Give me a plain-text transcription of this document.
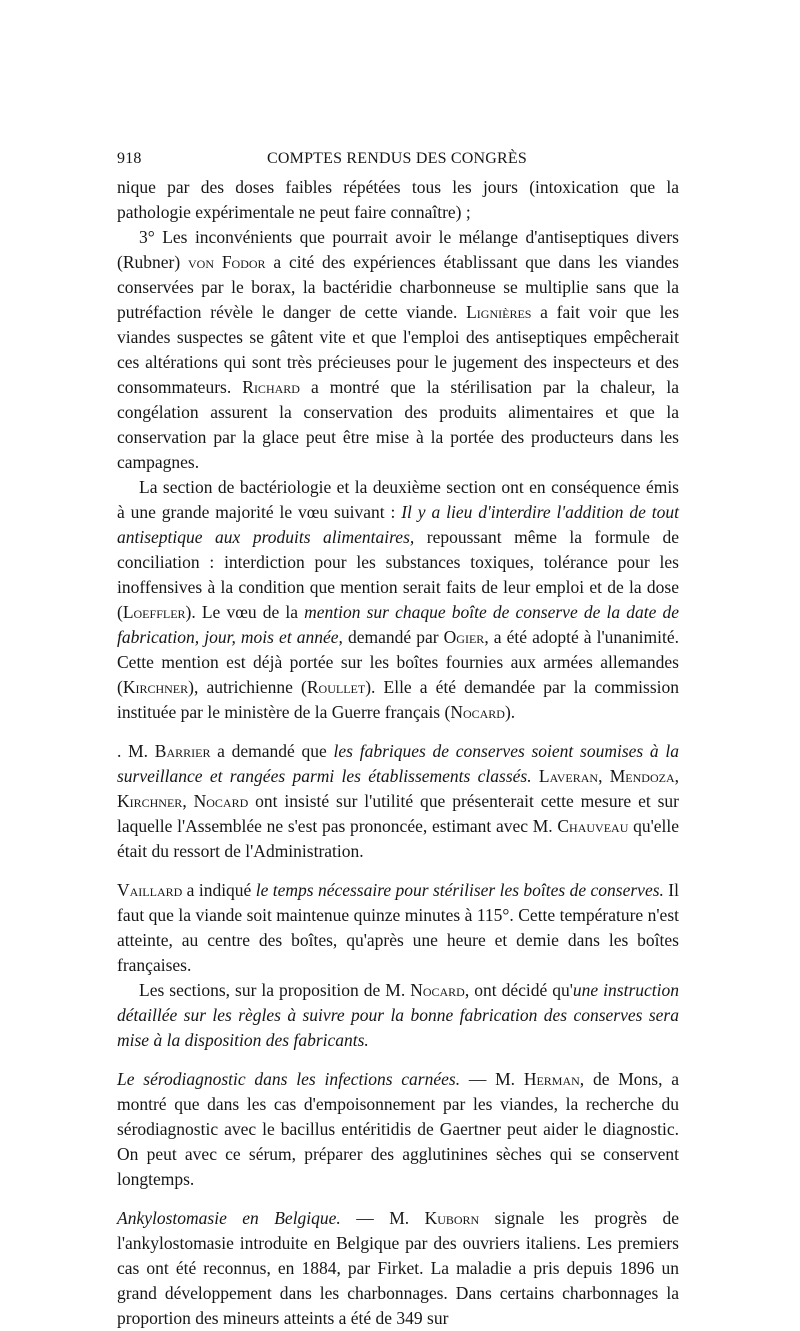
918	COMPTES RENDUS DES CONGRÈS

nique par des doses faibles répétées tous les jours (intoxication que la pathologie expérimentale ne peut faire connaître) ;

3° Les inconvénients que pourrait avoir le mélange d'antiseptiques divers (Rubner) von Fodor a cité des expériences établissant que dans les viandes conservées par le borax, la bactéridie charbonneuse se multiplie sans que la putréfaction révèle le danger de cette viande. Lignières a fait voir que les viandes suspectes se gâtent vite et que l'emploi des antiseptiques empêcherait ces altérations qui sont très précieuses pour le jugement des inspecteurs et des consommateurs. Richard a montré que la stérilisation par la chaleur, la congélation assurent la conservation des produits alimentaires et que la conservation par la glace peut être mise à la portée des producteurs dans les campagnes.

La section de bactériologie et la deuxième section ont en conséquence émis à une grande majorité le vœu suivant : Il y a lieu d'interdire l'addition de tout antiseptique aux produits alimentaires, repoussant même la formule de conciliation : interdiction pour les substances toxiques, tolérance pour les inoffensives à la condition que mention serait faits de leur emploi et de la dose (Loeffler). Le vœu de la mention sur chaque boîte de conserve de la date de fabrication, jour, mois et année, demandé par Ogier, a été adopté à l'unanimité. Cette mention est déjà portée sur les boîtes fournies aux armées allemandes (Kirchner), autrichienne (Roullet). Elle a été demandée par la commission instituée par le ministère de la Guerre français (Nocard).

. M. Barrier a demandé que les fabriques de conserves soient soumises à la surveillance et rangées parmi les établissements classés. Laveran, Mendoza, Kirchner, Nocard ont insisté sur l'utilité que présenterait cette mesure et sur laquelle l'Assemblée ne s'est pas prononcée, estimant avec M. Chauveau qu'elle était du ressort de l'Administration.

Vaillard a indiqué le temps nécessaire pour stériliser les boîtes de conserves. Il faut que la viande soit maintenue quinze minutes à 115°. Cette température n'est atteinte, au centre des boîtes, qu'après une heure et demie dans les boîtes françaises.

Les sections, sur la proposition de M. Nocard, ont décidé qu'une instruction détaillée sur les règles à suivre pour la bonne fabrication des conserves sera mise à la disposition des fabricants.

Le sérodiagnostic dans les infections carnées. — M. Herman, de Mons, a montré que dans les cas d'empoisonnement par les viandes, la recherche du sérodiagnostic avec le bacillus entéritidis de Gaertner peut aider le diagnostic. On peut avec ce sérum, préparer des agglutinines sèches qui se conservent longtemps.

Ankylostomasie en Belgique. — M. Kuborn signale les progrès de l'ankylostomasie introduite en Belgique par des ouvriers italiens. Les premiers cas ont été reconnus, en 1884, par Firket. La maladie a pris depuis 1896 un grand développement dans les charbonnages. Dans certains charbonnages la proportion des mineurs atteints a été de 349 sur
